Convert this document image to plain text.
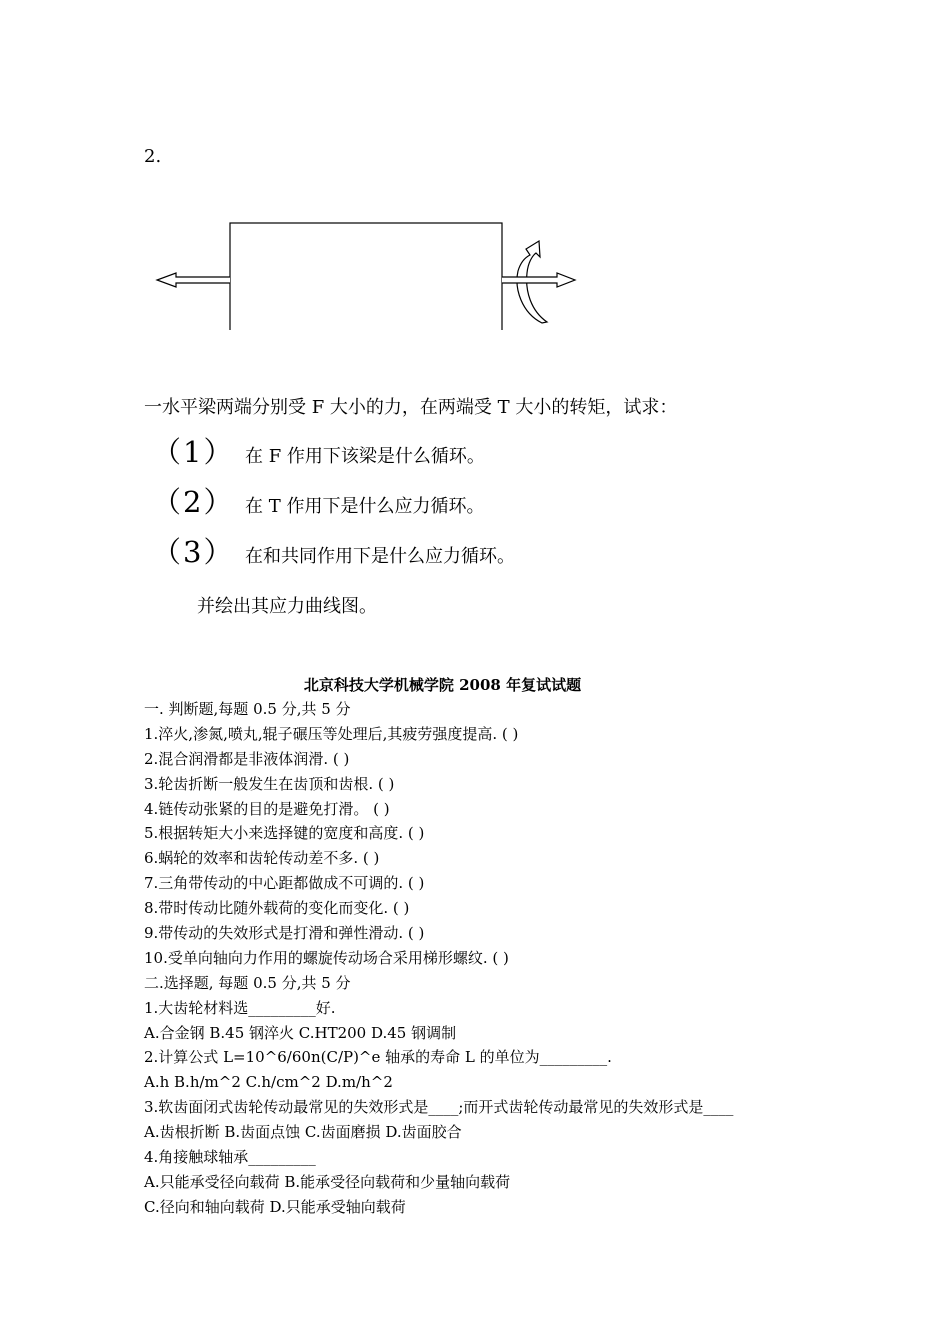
2.
一水平梁两端分别受 F 大小的力，在两端受 T 大小的转矩，试求：
（1） 在 F 作用下该梁是什么循环。
（2） 在 T 作用下是什么应力循环。
（3） 在和共同作用下是什么应力循环。
并绘出其应力曲线图。
北京科技大学机械学院 2008 年复试试题
一. 判断题,每题 0.5 分,共 5 分
1.淬火,渗氮,喷丸,辊子碾压等处理后,其疲劳强度提高. ( )
2.混合润滑都是非液体润滑. ( )
3.轮齿折断一般发生在齿顶和齿根. ( )
4.链传动张紧的目的是避免打滑。 ( )
5.根据转矩大小来选择键的宽度和高度. ( )
6.蜗轮的效率和齿轮传动差不多. ( )
7.三角带传动的中心距都做成不可调的. ( )
8.带时传动比随外载荷的变化而变化. ( )
9.带传动的失效形式是打滑和弹性滑动. ( )
10.受单向轴向力作用的螺旋传动场合采用梯形螺纹. ( )
二.选择题, 每题 0.5 分,共 5 分
1.大齿轮材料选_________好.
A.合金钢 B.45 钢淬火 C.HT200 D.45 钢调制
2.计算公式 L=10^6/60n(C/P)^e 轴承的寿命 L 的单位为_________.
A.h B.h/m^2 C.h/cm^2 D.m/h^2
3.软齿面闭式齿轮传动最常见的失效形式是____;而开式齿轮传动最常见的失效形式是____
A.齿根折断 B.齿面点蚀 C.齿面磨损 D.齿面胶合
4.角接触球轴承_________
A.只能承受径向载荷 B.能承受径向载荷和少量轴向载荷
C.径向和轴向载荷 D.只能承受轴向载荷
